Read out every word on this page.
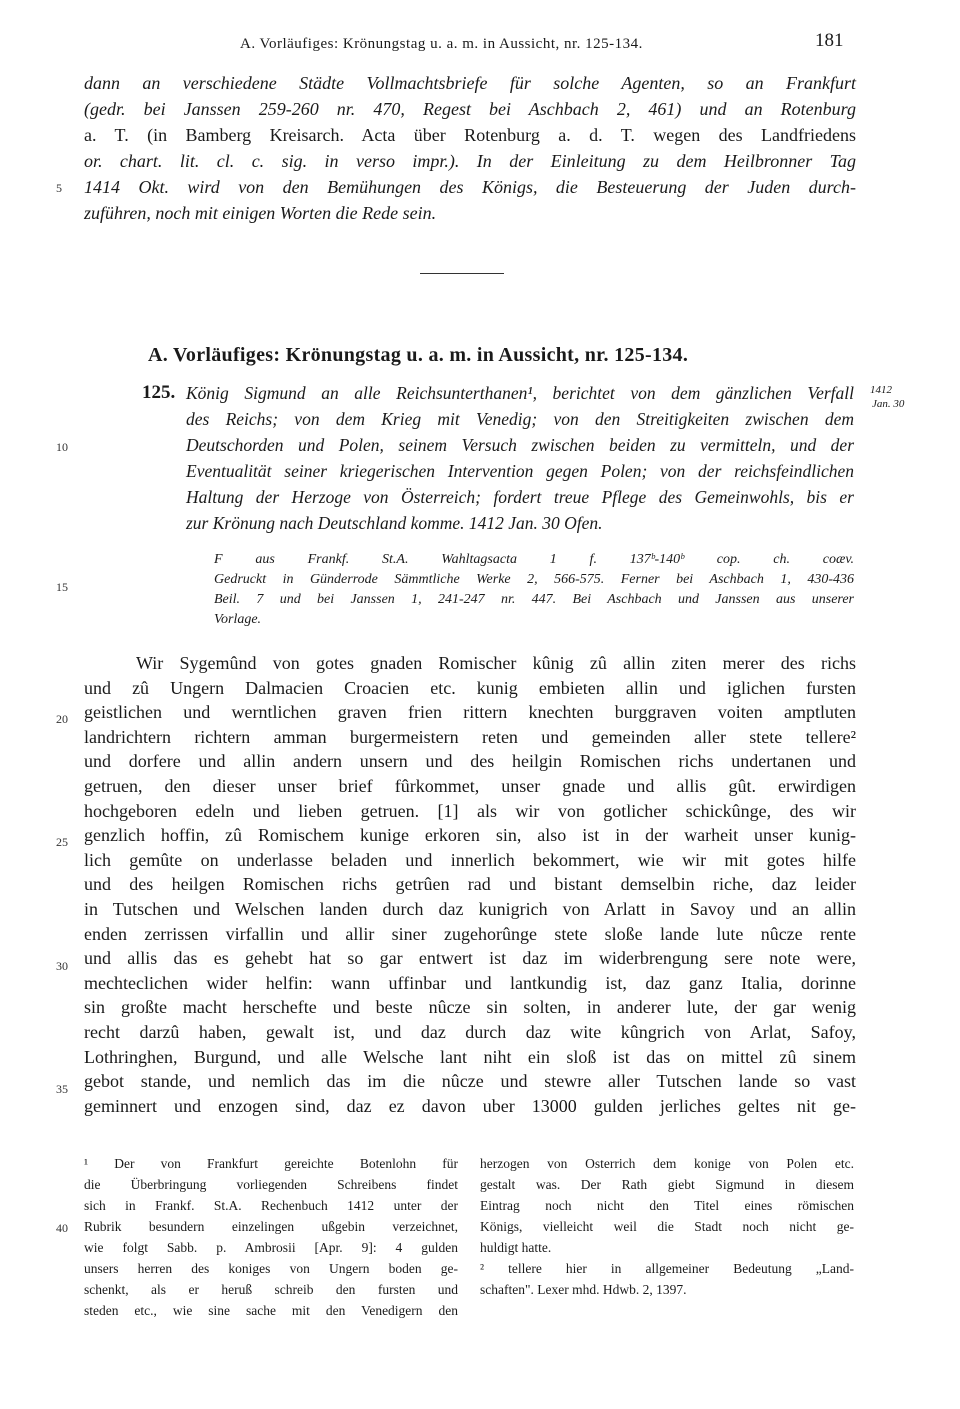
A. Vorläufiges: Krönungstag u. a. m. in Aussicht, nr. 125-134.	181
dann an verschiedene Städte Vollmachtsbriefe für solche Agenten, so an Frankfurt
(gedr. bei Janssen 259-260 nr. 470, Regest bei Aschbach 2, 461) und an Rotenburg
a. T. (in Bamberg Kreisarch. Acta über Rotenburg a. d. T. wegen des Landfriedens
or. chart. lit. cl. c. sig. in verso impr.). In der Einleitung zu dem Heilbronner Tag
1414 Okt. wird von den Bemühungen des Königs, die Besteuerung der Juden durch-
zuführen, noch mit einigen Worten die Rede sein.
5
A. Vorläufiges: Krönungstag u. a. m. in Aussicht, nr. 125-134.
125. König Sigmund an alle Reichsunterthanen¹, berichtet von dem gänzlichen Verfall
des Reichs; von dem Krieg mit Venedig; von den Streitigkeiten zwischen dem
Deutschorden und Polen, seinem Versuch zwischen beiden zu vermitteln, und der
Eventualität seiner kriegerischen Intervention gegen Polen; von der reichsfeindlichen
Haltung der Herzoge von Österreich; fordert treue Pflege des Gemeinwohls, bis er
zur Krönung nach Deutschland komme. 1412 Jan. 30 Ofen.
1412
Jan. 30
10
F aus Frankf. St.A. Wahltagsacta 1 f. 137ᵇ-140ᵇ cop. ch. coæv.
Gedruckt in Günderrode Sämmtliche Werke 2, 566-575. Ferner bei Aschbach 1, 430-436
Beil. 7 und bei Janssen 1, 241-247 nr. 447. Bei Aschbach und Janssen aus unserer
Vorlage.
15
Wir Sygemûnd von gotes gnaden Romischer kûnig zû allin ziten merer des richs
und zû Ungern Dalmacien Croacien etc. kunig embieten allin und iglichen fursten
geistlichen und werntlichen graven frien rittern knechten burggraven voiten amptluten
landrichtern richtern amman burgermeistern reten und gemeinden aller stete tellere²
und dorfere und allin andern unsern und des heilgin Romischen richs undertanen und
getruen, den dieser unser brief fûrkommet, unser gnade und allis gût. erwirdigen
hochgeboren edeln und lieben getruen. [1] als wir von gotlicher schickûnge, des wir
genzlich hoffin, zû Romischem kunige erkoren sin, also ist in der warheit unser kunig-
lich gemûte on underlasse beladen und innerlich bekommert, wie wir mit gotes hilfe
und des heilgen Romischen richs getrûen rad und bistant demselbin riche, daz leider
in Tutschen und Welschen landen durch daz kunigrich von Arlatt in Savoy und an allin
enden zerrissen virfallin und allir siner zugehorûnge stete sloße lande lute nûcze rente
und allis das es gehebt hat so gar entwert ist daz im widerbrengung sere note were,
mechteclichen wider helfin: wann uffinbar und lantkundig ist, daz ganz Italia, dorinne
sin großte macht herschefte und beste nûcze sin solten, in anderer lute, der gar wenig
recht darzû haben, gewalt ist, und daz durch daz wite kûngrich von Arlat, Safoy,
Lothringhen, Burgund, und alle Welsche lant niht ein sloß ist das on mittel zû sinem
gebot stande, und nemlich das im die nûcze und stewre aller Tutschen lande so vast
geminnert und enzogen sind, daz ez davon uber 13000 gulden jerliches geltes nit ge-
20
25
30
35
¹ Der von Frankfurt gereichte Botenlohn für
die Überbringung vorliegenden Schreibens findet
sich in Frankf. St.A. Rechenbuch 1412 unter der
Rubrik besundern einzelingen ußgebin verzeichnet,
wie folgt Sabb. p. Ambrosii [Apr. 9]: 4 gulden
unsers herren des koniges von Ungern boden ge-
schenkt, als er heruß schreib den fursten und
steden etc., wie sine sache mit den Venedigern den
herzogen von Osterrich dem konige von Polen etc.
gestalt was. Der Rath giebt Sigmund in diesem
Eintrag noch nicht den Titel eines römischen
Königs, vielleicht weil die Stadt noch nicht ge-
huldigt hatte.
² tellere hier in allgemeiner Bedeutung „Land-
schaften". Lexer mhd. Hdwb. 2, 1397.
40
